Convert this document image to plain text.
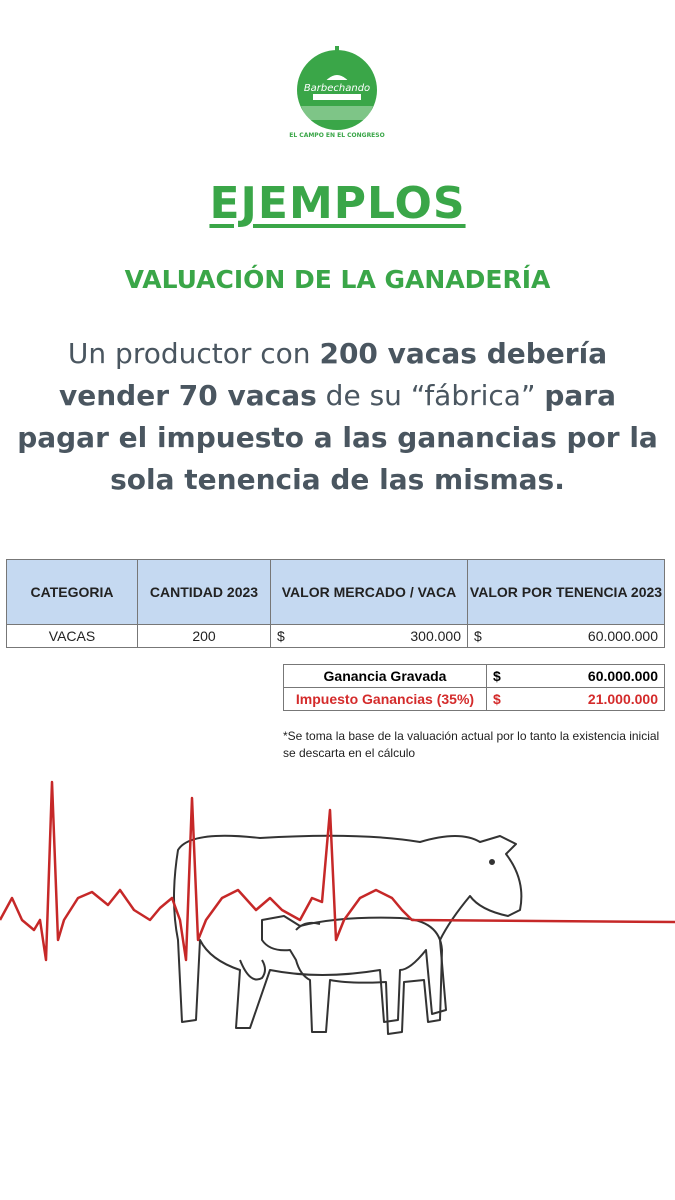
Barbechando
EL CAMPO EN EL CONGRESO
EJEMPLOS
VALUACIÓN DE LA GANADERÍA
Un productor con 200 vacas debería vender 70 vacas de su “fábrica” para pagar el impuesto a las ganancias por la sola tenencia de las mismas.
CATEGORIA	CANTIDAD 2023	VALOR MERCADO / VACA	VALOR POR TENENCIA 2023
VACAS	200	$ 300.000	$ 60.000.000
Ganancia Gravada	$ 60.000.000
Impuesto Ganancias (35%)	$ 21.000.000
*Se toma la base de la valuación actual por lo tanto la existencia inicial se descarta en el cálculo
